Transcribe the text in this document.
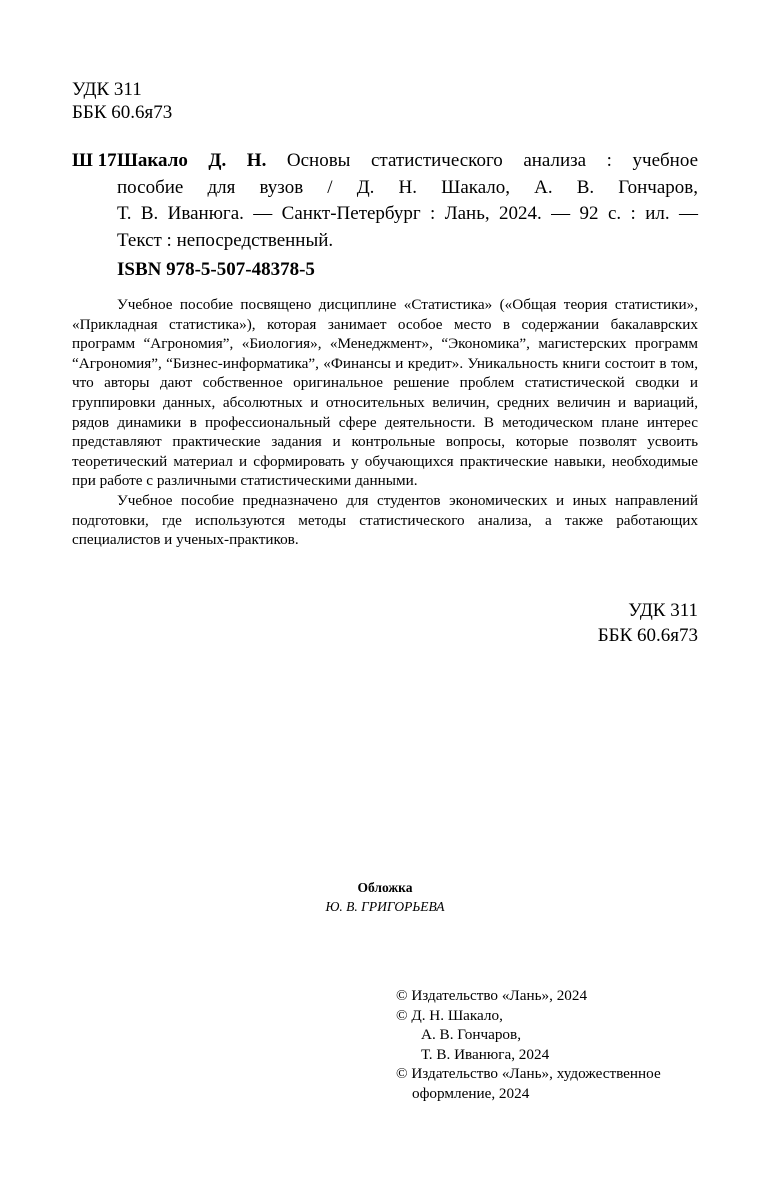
УДК 311
ББК 60.6я73
Ш 17 Шакало Д. Н. Основы статистического анализа : учебное
пособие для вузов / Д. Н. Шакало, А. В. Гончаров,
Т. В. Иванюга. — Санкт-Петербург : Лань, 2024. — 92 с. : ил. —
Текст : непосредственный.
ISBN 978-5-507-48378-5

Учебное пособие посвящено дисциплине «Статистика» («Общая теория статистики», «Прикладная статистика»), которая занимает особое место в содержании бакалаврских программ “Агрономия”, «Биология», «Менеджмент», “Экономика”, магистерских программ “Агрономия”, “Бизнес-информатика”, «Финансы и кредит». Уникальность книги состоит в том, что авторы дают собственное оригинальное решение проблем статистической сводки и группировки данных, абсолютных и относительных величин, средних величин и вариаций, рядов динамики в профессиональный сфере деятельности. В методическом плане интерес представляют практические задания и контрольные вопросы, которые позволят усвоить теоретический материал и сформировать у обучающихся практические навыки, необходимые при работе с различными статистическими данными.

Учебное пособие предназначено для студентов экономических и иных направлений подготовки, где используются методы статистического анализа, а также работающих специалистов и ученых-практиков.

УДК 311
ББК 60.6я73
Обложка
Ю. В. ГРИГОРЬЕВА
© Издательство «Лань», 2024
© Д. Н. Шакало,
А. В. Гончаров,
Т. В. Иванюга, 2024
© Издательство «Лань», художественное
оформление, 2024
